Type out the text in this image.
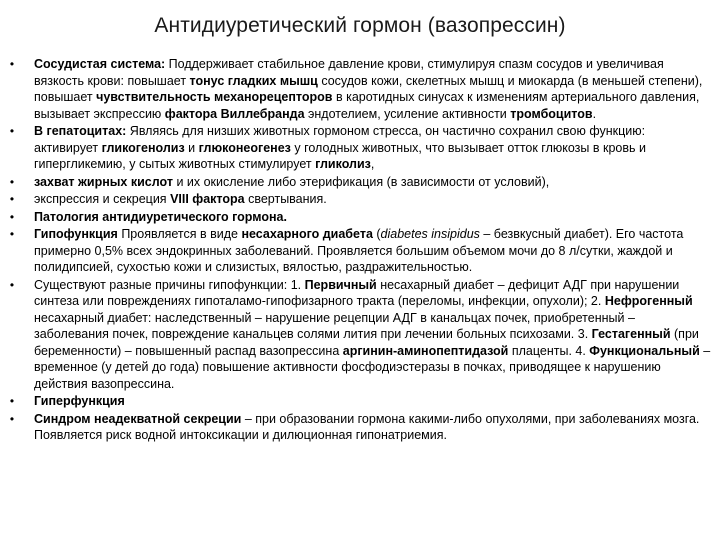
Антидиуретический гормон (вазопрессин)
• Сосудистая система: Поддерживает стабильное давление крови, стимулируя спазм сосудов и увеличивая вязкость крови: повышает тонус гладких мышц сосудов кожи, скелетных мышц и миокарда (в меньшей степени), повышает чувствительность механорецепторов в каротидных синусах к изменениям артериального давления, вызывает экспрессию фактора Виллебранда эндотелием, усиление активности тромбоцитов.
• В гепатоцитах: Являясь для низших животных гормоном стресса, он частично сохранил свою функцию: активирует гликогенолиз и глюконеогенез у голодных животных, что вызывает отток глюкозы в кровь и гипергликемию, у сытых животных стимулирует гликолиз,
• захват жирных кислот и их окисление либо этерификация (в зависимости от условий),
• экспрессия и секреция VIII фактора свертывания.
• Патология антидиуретического гормона.
• Гипофункция Проявляется в виде несахарного диабета (diabetes insipidus – безвкусный диабет). Его частота примерно 0,5% всех эндокринных заболеваний. Проявляется большим объемом мочи до 8 л/сутки, жаждой и полидипсией, сухостью кожи и слизистых, вялостью, раздражительностью.
• Существуют разные причины гипофункции: 1. Первичный несахарный диабет – дефицит АДГ при нарушении синтеза или повреждениях гипоталамо-гипофизарного тракта (переломы, инфекции, опухоли); 2. Нефрогенный несахарный диабет: наследственный – нарушение рецепции АДГ в канальцах почек, приобретенный – заболевания почек, повреждение канальцев солями лития при лечении больных психозами. 3. Гестагенный (при беременности) – повышенный распад вазопрессина аргинин-аминопептидазой плаценты. 4. Функциональный – временное (у детей до года) повышение активности фосфодиэстеразы в почках, приводящее к нарушению действия вазопрессина.
• Гиперфункция
• Синдром неадекватной секреции – при образовании гормона какими-либо опухолями, при заболеваниях мозга. Появляется риск водной интоксикации и дилюционная гипонатриемия.
